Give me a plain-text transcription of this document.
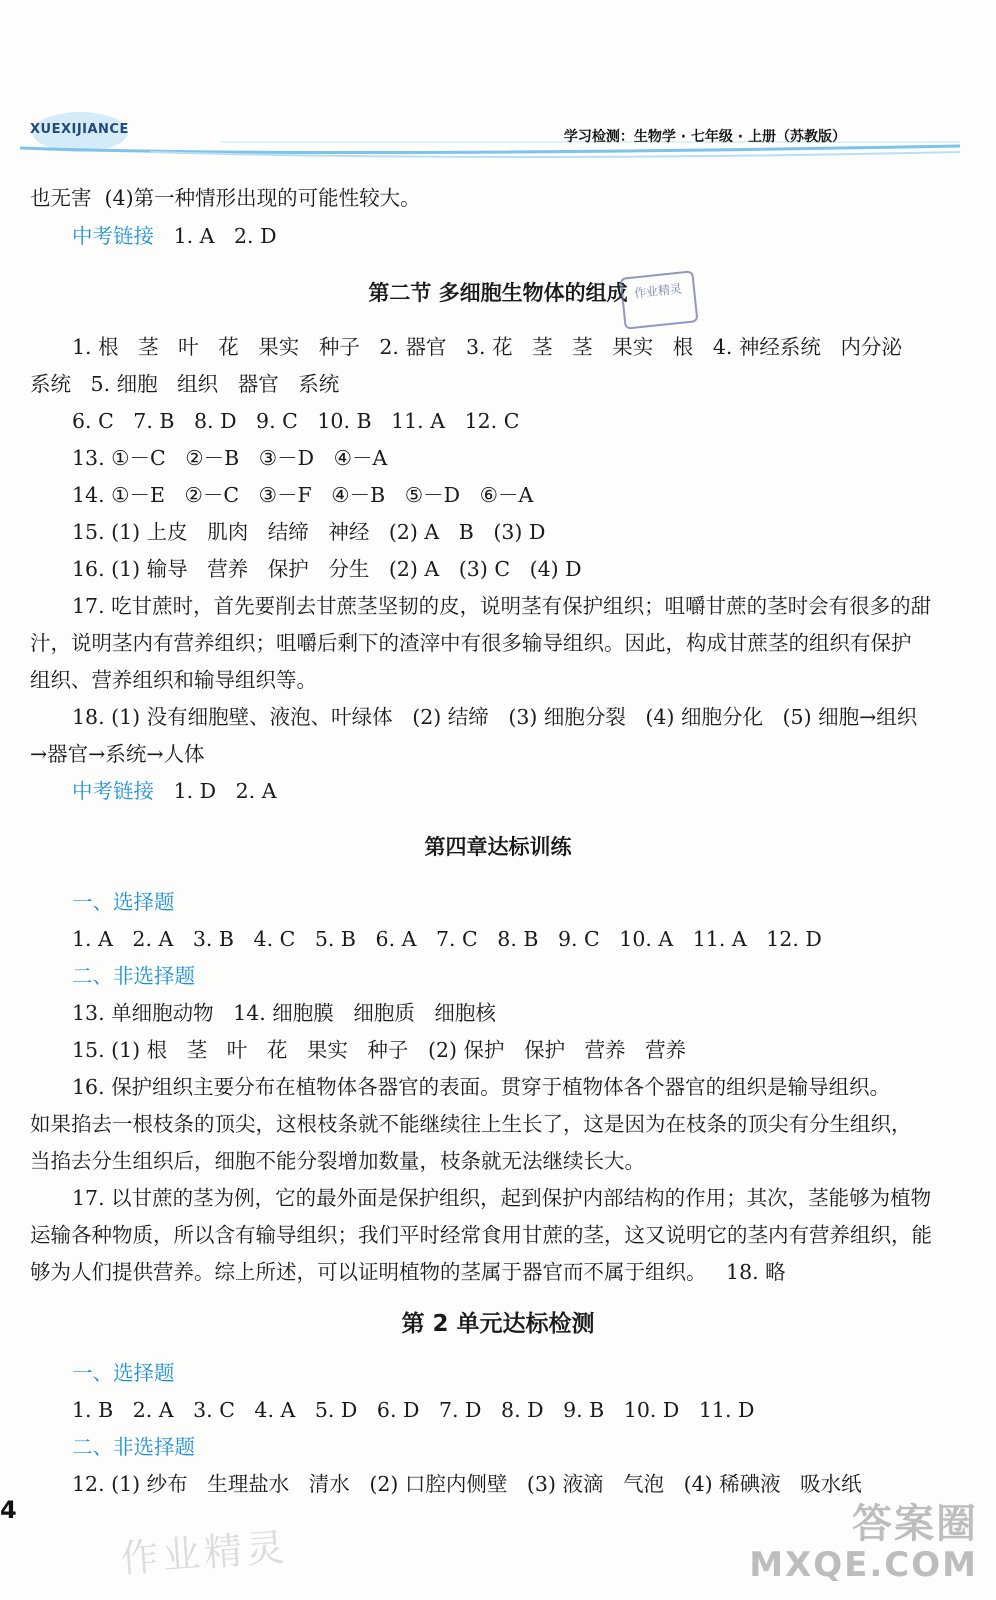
XUEXIJIANCE	学习检测：生物学 · 七年级 · 上册（苏教版）
也无害  (4)第一种情形出现的可能性较大。
中考链接 1. A   2. D
第二节 多细胞生物体的组成 作业精灵
1. 根   茎   叶   花   果实   种子   2. 器官   3. 花   茎   茎   果实   根   4. 神经系统   内分泌
系统   5. 细胞   组织   器官   系统
6. C   7. B   8. D   9. C   10. B   11. A   12. C
13. ①－C   ②－B   ③－D   ④－A
14. ①－E   ②－C   ③－F   ④－B   ⑤－D   ⑥－A
15. (1) 上皮   肌肉   结缔   神经   (2) A   B   (3) D
16. (1) 输导   营养   保护   分生   (2) A   (3) C   (4) D
17. 吃甘蔗时，首先要削去甘蔗茎坚韧的皮，说明茎有保护组织；咀嚼甘蔗的茎时会有很多的甜
汁，说明茎内有营养组织；咀嚼后剩下的渣滓中有很多输导组织。因此，构成甘蔗茎的组织有保护
组织、营养组织和输导组织等。
18. (1) 没有细胞壁、液泡、叶绿体   (2) 结缔   (3) 细胞分裂   (4) 细胞分化   (5) 细胞→组织
→器官→系统→人体
中考链接 1. D   2. A
第四章达标训练
一、选择题
1. A   2. A   3. B   4. C   5. B   6. A   7. C   8. B   9. C   10. A   11. A   12. D
二、非选择题
13. 单细胞动物   14. 细胞膜   细胞质   细胞核
15. (1) 根   茎   叶   花   果实   种子   (2) 保护   保护   营养   营养
16. 保护组织主要分布在植物体各器官的表面。贯穿于植物体各个器官的组织是输导组织。
如果掐去一根枝条的顶尖，这根枝条就不能继续往上生长了，这是因为在枝条的顶尖有分生组织，
当掐去分生组织后，细胞不能分裂增加数量，枝条就无法继续长大。
17. 以甘蔗的茎为例，它的最外面是保护组织，起到保护内部结构的作用；其次，茎能够为植物
运输各种物质，所以含有输导组织；我们平时经常食用甘蔗的茎，这又说明它的茎内有营养组织，能
够为人们提供营养。综上所述，可以证明植物的茎属于器官而不属于组织。   18. 略
第 2 单元达标检测
一、选择题
1. B   2. A   3. C   4. A   5. D   6. D   7. D   8. D   9. B   10. D   11. D
二、非选择题
12. (1) 纱布   生理盐水   清水   (2) 口腔内侧壁   (3) 液滴   气泡   (4) 稀碘液   吸水纸
4
作业精灵
答案圈
MXQE.COM
